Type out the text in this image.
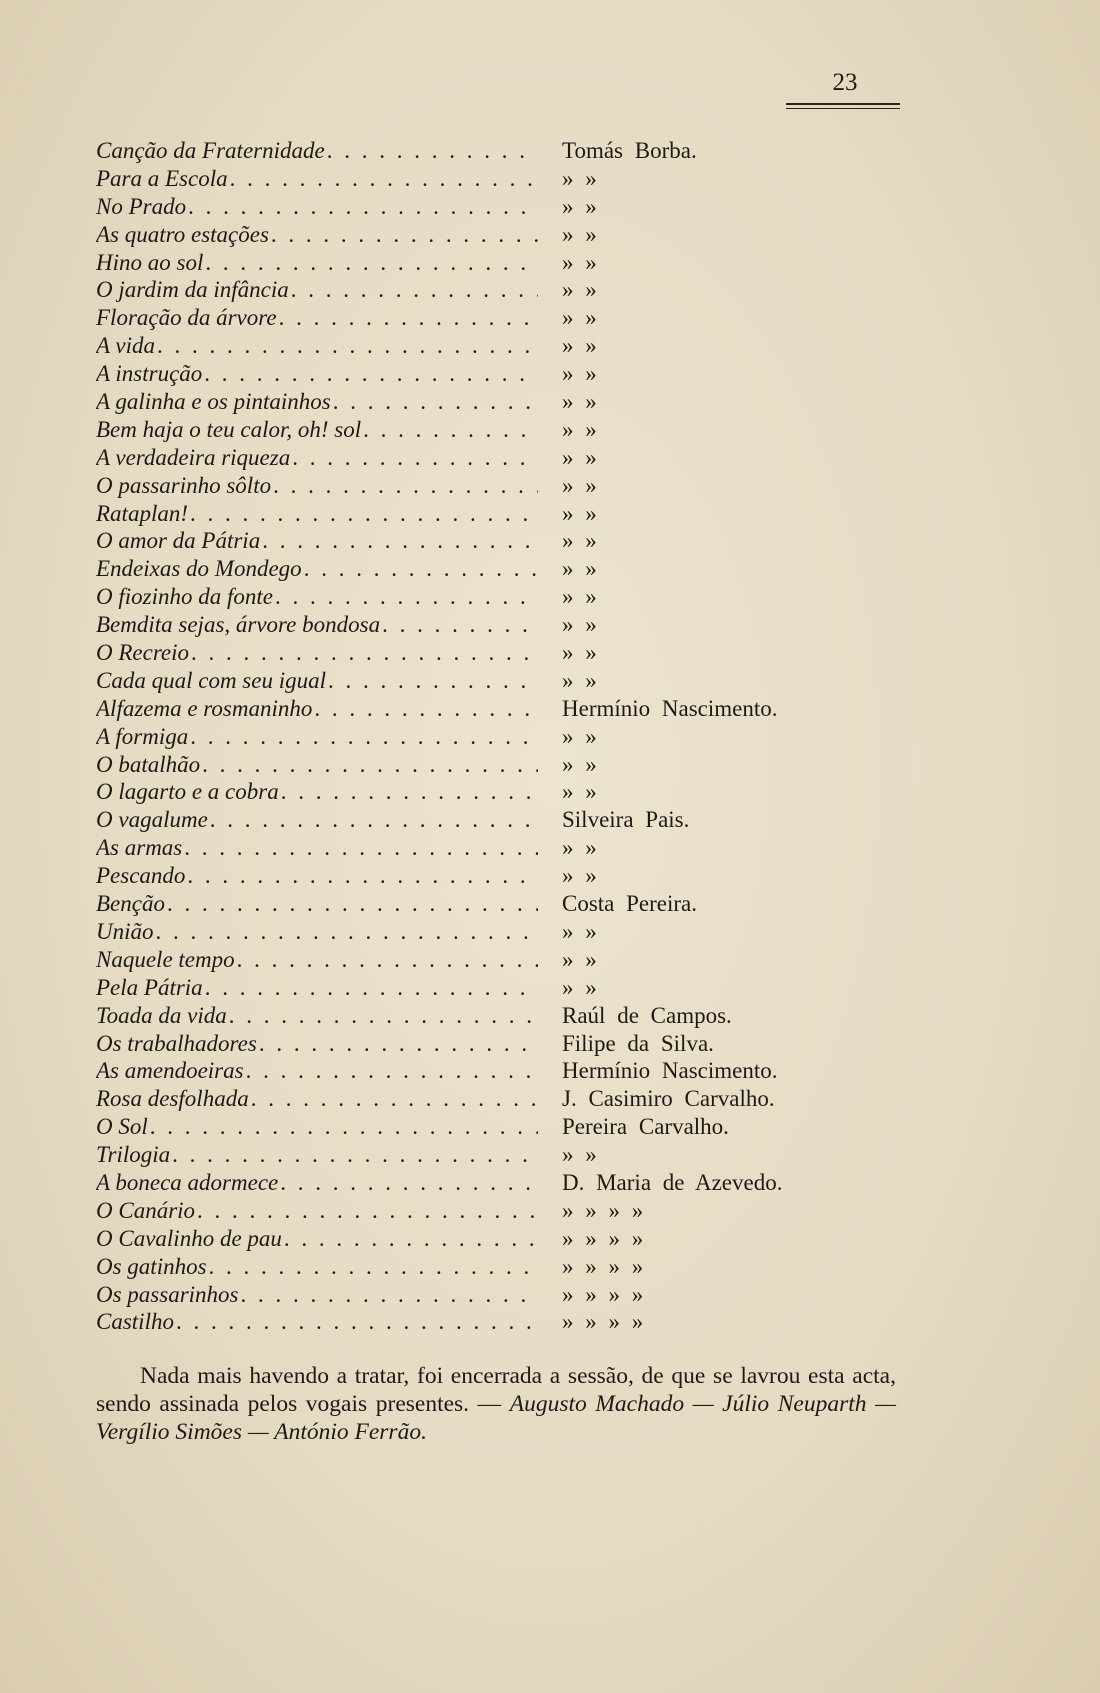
23
Canção da Fraternidade . . .	Tomás Borba.
Para a Escola . . .	» »
No Prado . . .	» »
As quatro estações . . .	» »
Hino ao sol . . .	» »
O jardim da infância . . .	» »
Floração da árvore . . .	» »
A vida . . .	» »
A instrução . . .	» »
A galinha e os pintainhos . . .	» »
Bem haja o teu calor, oh! sol . . .	» »
A verdadeira riqueza . . .	» »
O passarinho sôlto . . .	» »
Rataplan! . . .	» »
O amor da Pátria . . .	» »
Endeixas do Mondego . . .	» »
O fiozinho da fonte . . .	» »
Bemdita sejas, árvore bondosa . . .	» »
O Recreio . . .	» »
Cada qual com seu igual . . .	» »
Alfazema e rosmaninho . . .	Hermínio Nascimento.
A formiga . . .	» »
O batalhão . . .	» »
O lagarto e a cobra . . .	» »
O vagalume . . .	Silveira Pais.
As armas . . .	» »
Pescando . . .	» »
Benção . . .	Costa Pereira.
União . . .	» »
Naquele tempo . . .	» »
Pela Pátria . . .	» »
Toada da vida . . .	Raúl de Campos.
Os trabalhadores . . .	Filipe da Silva.
As amendoeiras . . .	Hermínio Nascimento.
Rosa desfolhada . . .	J. Casimiro Carvalho.
O Sol . . .	Pereira Carvalho.
Trilogia . . .	» »
A boneca adormece . . .	D. Maria de Azevedo.
O Canário . . .	» » » »
O Cavalinho de pau . . .	» » » »
Os gatinhos . . .	» » » »
Os passarinhos . . .	» » » »
Castilho . . .	» » » »

Nada mais havendo a tratar, foi encerrada a sessão, de que se lavrou esta acta, sendo assinada pelos vogais presentes. — Augusto Machado — Júlio Neuparth — Vergílio Simões — António Ferrão.
